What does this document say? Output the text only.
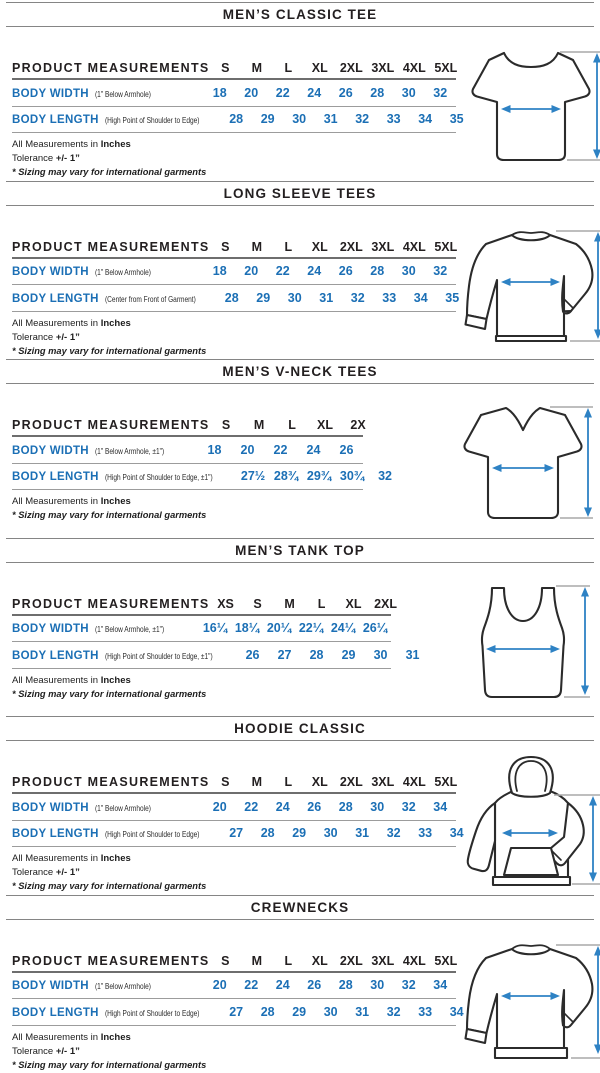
MEN’S CLASSIC TEE
PRODUCT MEASUREMENTS S	M	L	XL 2XL 3XL 4XL 5XL
BODY WIDTH (1" Below Armhole)	18	20	22	24	26	28	30	32
BODY LENGTH (High Point of Shoulder to Edge)	28	29	30	31	32	33	34	35
All Measurements in Inches
Tolerance +/- 1”
* Sizing may vary for international garments
LONG SLEEVE TEES
PRODUCT MEASUREMENTS S	M	L	XL 2XL 3XL 4XL 5XL
BODY WIDTH (1" Below Armhole)	18	20	22	24	26	28	30	32
BODY LENGTH (Center from Front of Garment)	28	29	30	31	32	33	34	35
All Measurements in Inches
Tolerance +/- 1”
* Sizing may vary for international garments
MEN’S V-NECK TEES
PRODUCT MEASUREMENTS S	M	L	XL	2X
BODY WIDTH (1" Below Armhole, ±1")	18	20	22	24	26
BODY LENGTH (High Point of Shoulder to Edge, ±1")	27½ 28¾ 29¾ 30¾	32
All Measurements in Inches
* Sizing may vary for international garments
MEN’S TANK TOP
PRODUCT MEASUREMENTS XS	S	M	L	XL	2XL
BODY WIDTH (1" Below Armhole, ±1")	16¼ 18¼ 20¼ 22¼ 24¼ 26¼
BODY LENGTH (High Point of Shoulder to Edge, ±1")	26	27	28	29	30	31
All Measurements in Inches
* Sizing may vary for international garments
HOODIE CLASSIC
PRODUCT MEASUREMENTS S	M	L	XL 2XL 3XL 4XL 5XL
BODY WIDTH (1" Below Armhole)	20	22	24	26	28	30	32	34
BODY LENGTH (High Point of Shoulder to Edge)	27	28	29	30	31	32	33	34
All Measurements in Inches
Tolerance +/- 1”
* Sizing may vary for international garments
CREWNECKS
PRODUCT MEASUREMENTS S	M	L	XL 2XL 3XL 4XL 5XL
BODY WIDTH (1" Below Armhole)	20	22	24	26	28	30	32	34
BODY LENGTH (High Point of Shoulder to Edge)	27	28	29	30	31	32	33	34
All Measurements in Inches
Tolerance +/- 1”
* Sizing may vary for international garments
